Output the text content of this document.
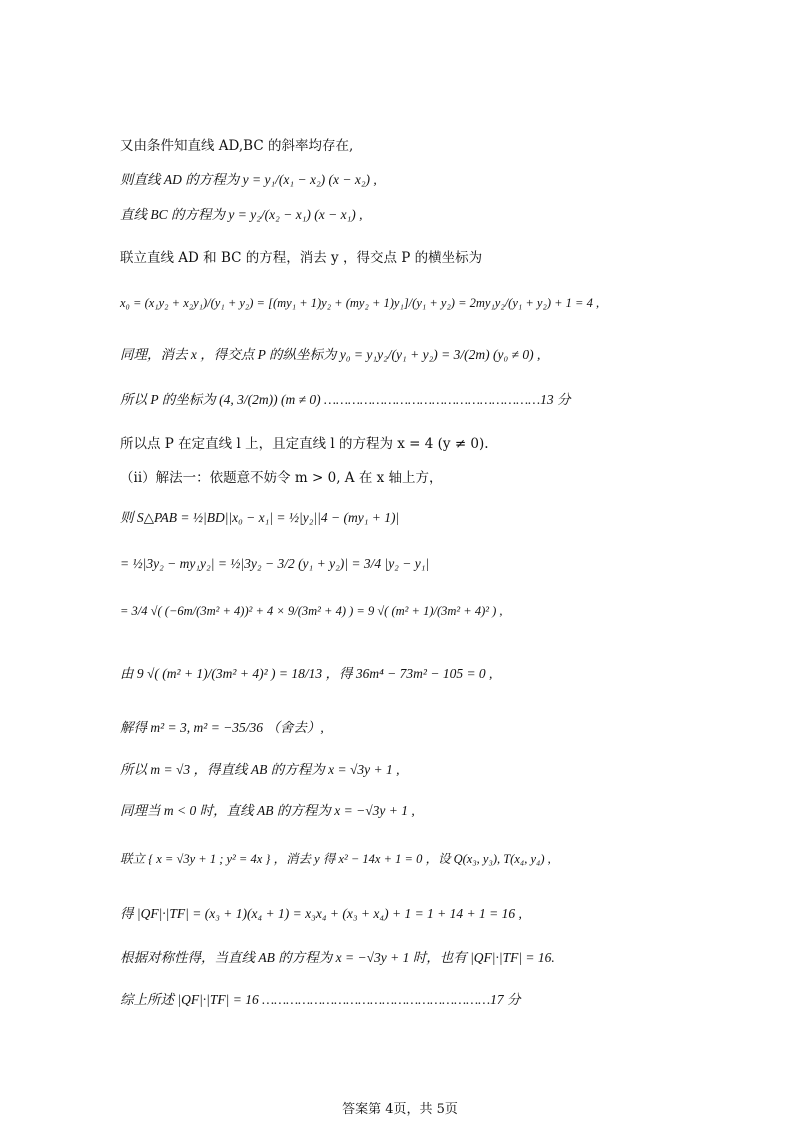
又由条件知直线 AD,BC 的斜率均存在,
则直线 AD 的方程为 y = y₁/(x₁ − x₂) (x − x₂) ,
直线 BC 的方程为 y = y₂/(x₂ − x₁) (x − x₁) ,
联立直线 AD 和 BC 的方程，消去 y ，得交点 P 的横坐标为
x₀ = (x₁y₂ + x₂y₁)/(y₁ + y₂) = [(my₁ + 1)y₂ + (my₂ + 1)y₁]/(y₁ + y₂) = 2my₁y₂/(y₁ + y₂) + 1 = 4 ,
同理，消去 x ，得交点 P 的纵坐标为 y₀ = y₁y₂/(y₁ + y₂) = 3/(2m) (y₀ ≠ 0) ,
所以 P 的坐标为 (4, 3/(2m)) (m ≠ 0) ………………………………………………13 分
所以点 P 在定直线 l 上，且定直线 l 的方程为 x = 4 (y ≠ 0).
（ii）解法一：依题意不妨令 m > 0, A 在 x 轴上方，
则 S△PAB = ½|BD||x₀ − x₁| = ½|y₂||4 − (my₁ + 1)|
= ½|3y₂ − my₁y₂| = ½|3y₂ − 3/2 (y₁ + y₂)| = 3/4 |y₂ − y₁|
= 3/4 √( (−6m/(3m² + 4))² + 4 × 9/(3m² + 4) ) = 9 √( (m² + 1)/(3m² + 4)² ) ,
由 9 √( (m² + 1)/(3m² + 4)² ) = 18/13 ，得 36m⁴ − 73m² − 105 = 0 ,
解得 m² = 3, m² = −35/36 （舍去）,
所以 m = √3 ，得直线 AB 的方程为 x = √3y + 1 ,
同理当 m < 0 时，直线 AB 的方程为 x = −√3y + 1 ,
联立 { x = √3y + 1 ; y² = 4x } ，消去 y 得 x² − 14x + 1 = 0 ，设 Q(x₃, y₃), T(x₄, y₄) ,
得 |QF|·|TF| = (x₃ + 1)(x₄ + 1) = x₃x₄ + (x₃ + x₄) + 1 = 1 + 14 + 1 = 16 ,
根据对称性得，当直线 AB 的方程为 x = −√3y + 1 时，也有 |QF|·|TF| = 16.
综上所述 |QF|·|TF| = 16 …………………………………………………17 分
答案第 4页，共 5页
